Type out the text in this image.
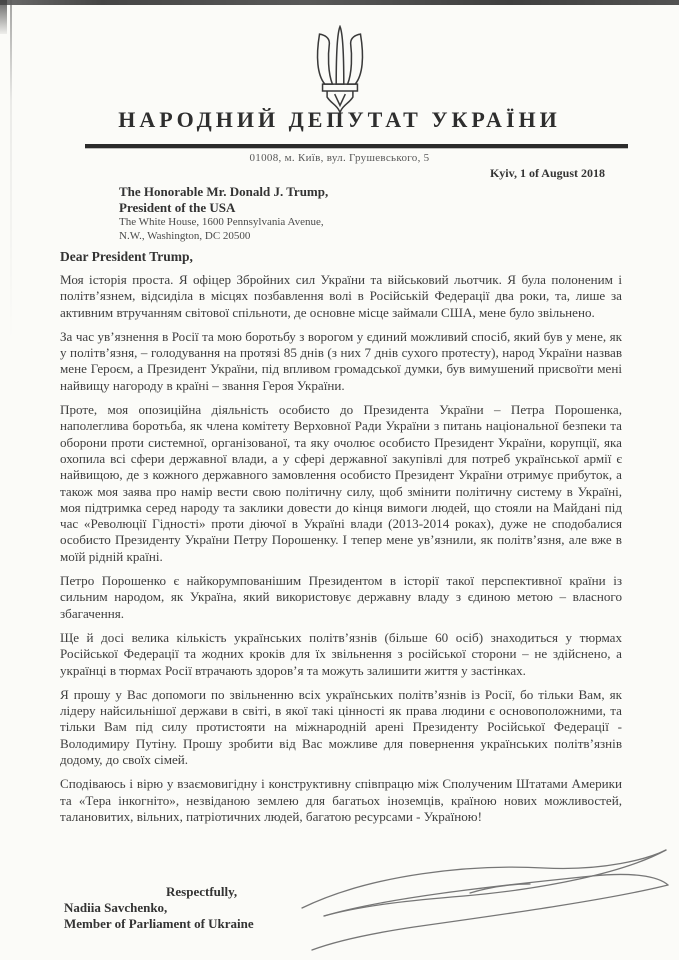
НАРОДНИЙ ДЕПУТАТ УКРАЇНИ
01008, м. Київ, вул. Грушевського, 5
Kyiv, 1 of August 2018
The Honorable Mr. Donald J. Trump,
President of the USA
The White House, 1600 Pennsylvania Avenue,
N.W., Washington, DC 20500
Dear President Trump,

Моя історія проста. Я офіцер Збройних сил України та військовий льотчик. Я була полоненим і політв’язнем, відсиділа в місцях позбавлення волі в Російській Федерації два роки, та, лише за активним втручанням світової спільноти, де основне місце займали США, мене було звільнено.

За час ув’язнення в Росії та мою боротьбу з ворогом у єдиний можливий спосіб, який був у мене, як у політв’язня, – голодування на протязі 85 днів (з них 7 днів сухого протесту), народ України назвав мене Героєм, а Президент України, під впливом громадської думки, був вимушений присвоїти мені найвищу нагороду в країні – звання Героя України.

Проте, моя опозиційна діяльність особисто до Президента України – Петра Порошенка, наполеглива боротьба, як члена комітету Верховної Ради України з питань національної безпеки та оборони проти системної, організованої, та яку очолює особисто Президент України, корупції, яка охопила всі сфери державної влади, а у сфері державної закупівлі для потреб української армії є найвищою, де з кожного державного замовлення особисто Президент України отримує прибуток, а також моя заява про намір вести свою політичну силу, щоб змінити політичну систему в Україні, моя підтримка серед народу та заклики довести до кінця вимоги людей, що стояли на Майдані під час «Революції Гідності» проти діючої в Україні влади (2013-2014 роках), дуже не сподобалися особисто Президенту України Петру Порошенку. І тепер мене ув’язнили, як політв’язня, але вже в моїй рідній країні.

Петро Порошенко є найкорумпованішим Президентом в історії такої перспективної країни із сильним народом, як Україна, який використовує державну владу з єдиною метою – власного збагачення.

Ще й досі велика кількість українських політв’язнів (більше 60 осіб) знаходиться у тюрмах Російської Федерації та жодних кроків для їх звільнення з російської сторони – не здійснено, а українці в тюрмах Росії втрачають здоров’я та можуть залишити життя у застінках.

Я прошу у Вас допомоги по звільненню всіх українських політв’язнів із Росії, бо тільки Вам, як лідеру найсильнішої держави в світі, в якої такі цінності як права людини є основоположними, та тільки Вам під силу протистояти на міжнародній арені Президенту Російської Федерації - Володимиру Путіну. Прошу зробити від Вас можливе для повернення українських політв’язнів додому, до своїх сімей.

Сподіваюсь і вірю у взаємовигідну і конструктивну співпрацю між Сполученим Штатами Америки та «Тера інкогніто», незвіданою землею для багатьох іноземців, країною нових можливостей, талановитих, вільних, патріотичних людей, багатою ресурсами - Україною!

Respectfully,
Nadiia Savchenko,
Member of Parliament of Ukraine
